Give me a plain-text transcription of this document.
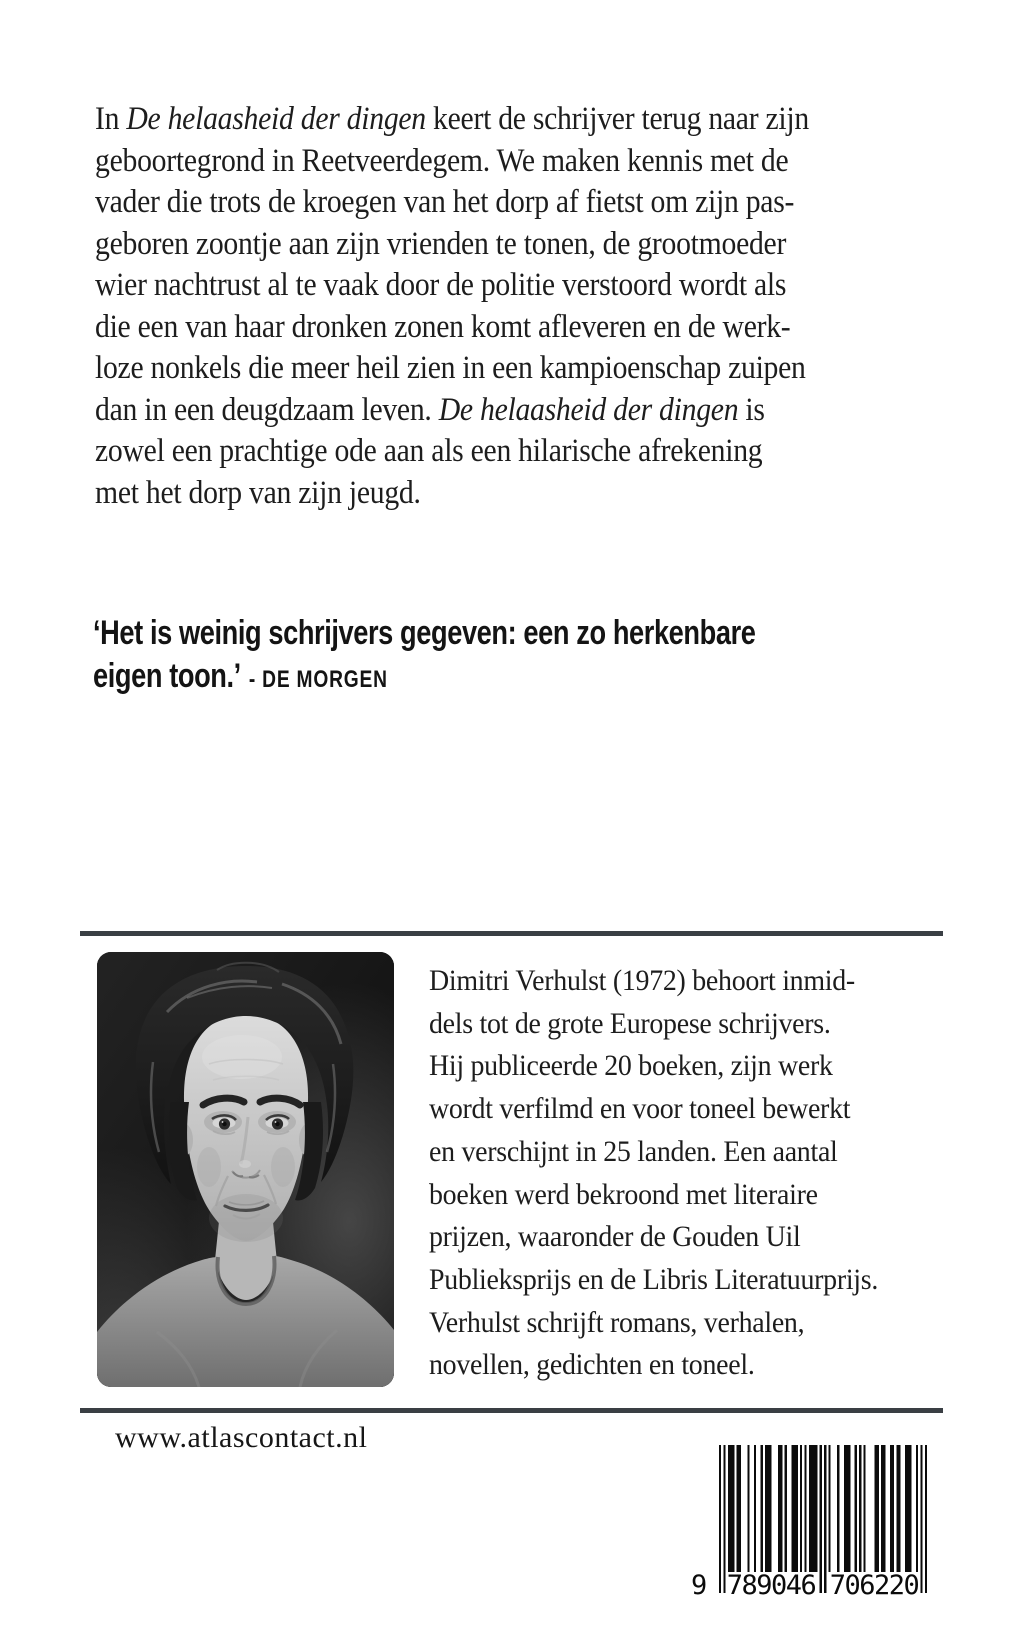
In De helaasheid der dingen keert de schrijver terug naar zijn
geboortegrond in Reetveerdegem. We maken kennis met de
vader die trots de kroegen van het dorp af fietst om zijn pas-
geboren zoontje aan zijn vrienden te tonen, de grootmoeder
wier nachtrust al te vaak door de politie verstoord wordt als
die een van haar dronken zonen komt afleveren en de werk-
loze nonkels die meer heil zien in een kampioenschap zuipen
dan in een deugdzaam leven. De helaasheid der dingen is
zowel een prachtige ode aan als een hilarische afrekening
met het dorp van zijn jeugd.
‘Het is weinig schrijvers gegeven: een zo herkenbare
eigen toon.’ - DE MORGEN
Dimitri Verhulst (1972) behoort inmid-
dels tot de grote Europese schrijvers.
Hij publiceerde 20 boeken, zijn werk
wordt verfilmd en voor toneel bewerkt
en verschijnt in 25 landen. Een aantal
boeken werd bekroond met literaire
prijzen, waaronder de Gouden Uil
Publieksprijs en de Libris Literatuurprijs.
Verhulst schrijft romans, verhalen,
novellen, gedichten en toneel.
www.atlascontact.nl
9 789046 706220
